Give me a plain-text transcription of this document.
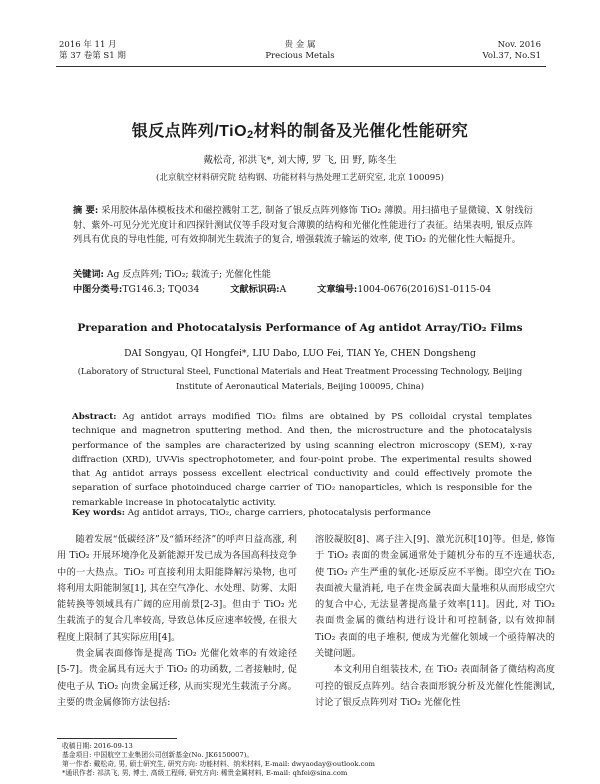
2016 年 11 月
第 37 卷第 S1 期
贵 金 属
Precious Metals
Nov. 2016
Vol.37, No.S1
银反点阵列/TiO$_2$材料的制备及光催化性能研究
戴松奇, 祁洪飞*, 刘大博, 罗 飞, 田 野, 陈冬生
(北京航空材料研究院 结构钢、功能材料与热处理工艺研究室, 北京 100095)
摘 要: 采用胶体晶体模板技术和磁控溅射工艺, 制备了银反点阵列修饰 TiO₂ 薄膜。用扫描电子显微镜、X 射线衍射、紫外-可见分光光度计和四探针测试仪等手段对复合薄膜的结构和光催化性能进行了表征。结果表明, 银反点阵列具有优良的导电性能, 可有效抑制光生载流子的复合, 增强载流子输运的效率, 使 TiO₂ 的光催化性大幅提升。
关键词: Ag 反点阵列; TiO₂; 载流子; 光催化性能
中图分类号:TG146.3; TQ034	文献标识码:A	文章编号:1004-0676(2016)S1-0115-04
Preparation and Photocatalysis Performance of Ag antidot Array/TiO₂ Films
DAI Songyau, QI Hongfei*, LIU Dabo, LUO Fei, TIAN Ye, CHEN Dongsheng
(Laboratory of Structural Steel, Functional Materials and Heat Treatment Processing Technology, Beijing Institute of Aeronautical Materials, Beijing 100095, China)
Abstract: Ag antidot arrays modified TiO₂ films are obtained by PS colloidal crystal templates technique and magnetron sputtering method. And then, the microstructure and the photocatalysis performance of the samples are characterized by using scanning electron microscopy (SEM), x-ray diffraction (XRD), UV-Vis spectrophotometer, and four-point probe. The experimental results showed that Ag antidot arrays possess excellent electrical conductivity and could effectively promote the separation of surface photoinduced charge carrier of TiO₂ nanoparticles, which is responsible for the remarkable increase in photocatalytic activity.
Key words: Ag antidot arrays, TiO₂, charge carriers, photocatalysis performance
随着发展“低碳经济”及“循环经济”的呼声日益高涨, 利用 TiO₂ 开展环境净化及新能源开发已成为各国高科技竞争中的一大热点。TiO₂ 可直接利用太阳能降解污染物, 也可将利用太阳能制氢[1], 其在空气净化、水处理、防雾、太阳能转换等领域具有广阔的应用前景[2-3]。但由于 TiO₂ 光生载流子的复合几率较高, 导致总体反应速率较慢, 在很大程度上限制了其实际应用[4]。
贵金属表面修饰是提高 TiO₂ 光催化效率的有效途径[5-7]。贵金属具有远大于 TiO₂ 的功函数, 二者接触时, 促使电子从 TiO₂ 向贵金属迁移, 从而实现光生载流子分离。主要的贵金属修饰方法包括:
溶胶凝胶[8]、离子注入[9]、激光沉积[10]等。但是, 修饰于 TiO₂ 表面的贵金属通常处于随机分布的互不连通状态, 使 TiO₂ 产生严重的氧化-还原反应不平衡。即空穴在 TiO₂ 表面被大量消耗, 电子在贵金属表面大量堆积从而形成空穴的复合中心, 无法显著提高量子效率[11]。因此, 对 TiO₂ 表面贵金属的微结构进行设计和可控制备, 以有效抑制 TiO₂ 表面的电子堆积, 便成为光催化领域一个亟待解决的关键问题。
本文利用自组装技术, 在 TiO₂ 表面制备了微结构高度可控的银反点阵列。结合表面形貌分析及光催化性能测试, 讨论了银反点阵列对 TiO₂ 光催化性
收稿日期: 2016-09-13
基金项目: 中国航空工业集团公司创新基金(No. JK6150007)。
第一作者: 戴松奇, 男, 硕士研究生, 研究方向: 功能材料、纳米材料, E-mail: dwyaoday@outlook.com
*通讯作者: 祁洪飞, 男, 博士, 高级工程师, 研究方向: 稀贵金属材料, E-mail: qhfei@sina.com
